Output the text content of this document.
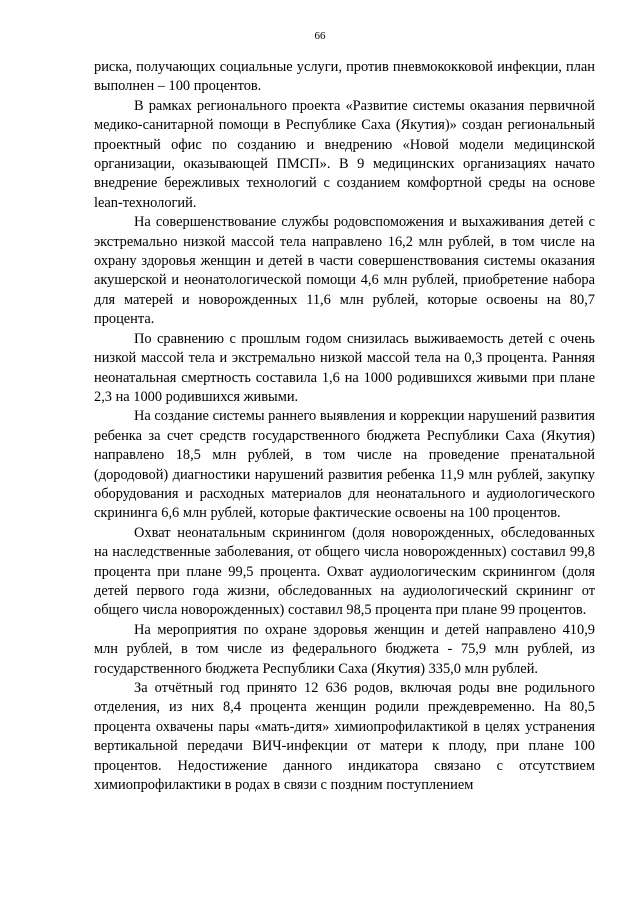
66

риска, получающих социальные услуги, против пневмококковой инфекции, план выполнен – 100 процентов.

В рамках регионального проекта «Развитие системы оказания первичной медико-санитарной помощи в Республике Саха (Якутия)» создан региональный проектный офис по созданию и внедрению «Новой модели медицинской организации, оказывающей ПМСП». В 9 медицинских организациях начато внедрение бережливых технологий с созданием комфортной среды на основе lean-технологий.

На совершенствование службы родовспоможения и выхаживания детей с экстремально низкой массой тела направлено 16,2 млн рублей, в том числе на охрану здоровья женщин и детей в части совершенствования системы оказания акушерской и неонатологической помощи 4,6 млн рублей, приобретение набора для матерей и новорожденных 11,6 млн рублей, которые освоены на 80,7 процента.

По сравнению с прошлым годом снизилась выживаемость детей с очень низкой массой тела и экстремально низкой массой тела на 0,3 процента. Ранняя неонатальная смертность составила 1,6 на 1000 родившихся живыми при плане 2,3 на 1000 родившихся живыми.

На создание системы раннего выявления и коррекции нарушений развития ребенка за счет средств государственного бюджета Республики Саха (Якутия) направлено 18,5 млн рублей, в том числе на проведение пренатальной (дородовой) диагностики нарушений развития ребенка 11,9 млн рублей, закупку оборудования и расходных материалов для неонатального и аудиологического скрининга 6,6 млн рублей, которые фактические освоены на 100 процентов.

Охват неонатальным скринингом (доля новорожденных, обследованных на наследственные заболевания, от общего числа новорожденных) составил 99,8 процента при плане 99,5 процента. Охват аудиологическим скринингом (доля детей первого года жизни, обследованных на аудиологический скрининг от общего числа новорожденных) составил 98,5 процента при плане 99 процентов.

На мероприятия по охране здоровья женщин и детей направлено 410,9 млн рублей, в том числе из федерального бюджета - 75,9 млн рублей, из государственного бюджета Республики Саха (Якутия) 335,0 млн рублей.

За отчётный год принято 12 636 родов, включая роды вне родильного отделения, из них 8,4 процента женщин родили преждевременно. На 80,5 процента охвачены пары «мать-дитя» химиопрофилактикой в целях устранения вертикальной передачи ВИЧ-инфекции от матери к плоду, при плане 100 процентов. Недостижение данного индикатора связано с отсутствием химиопрофилактики в родах в связи с поздним поступлением
